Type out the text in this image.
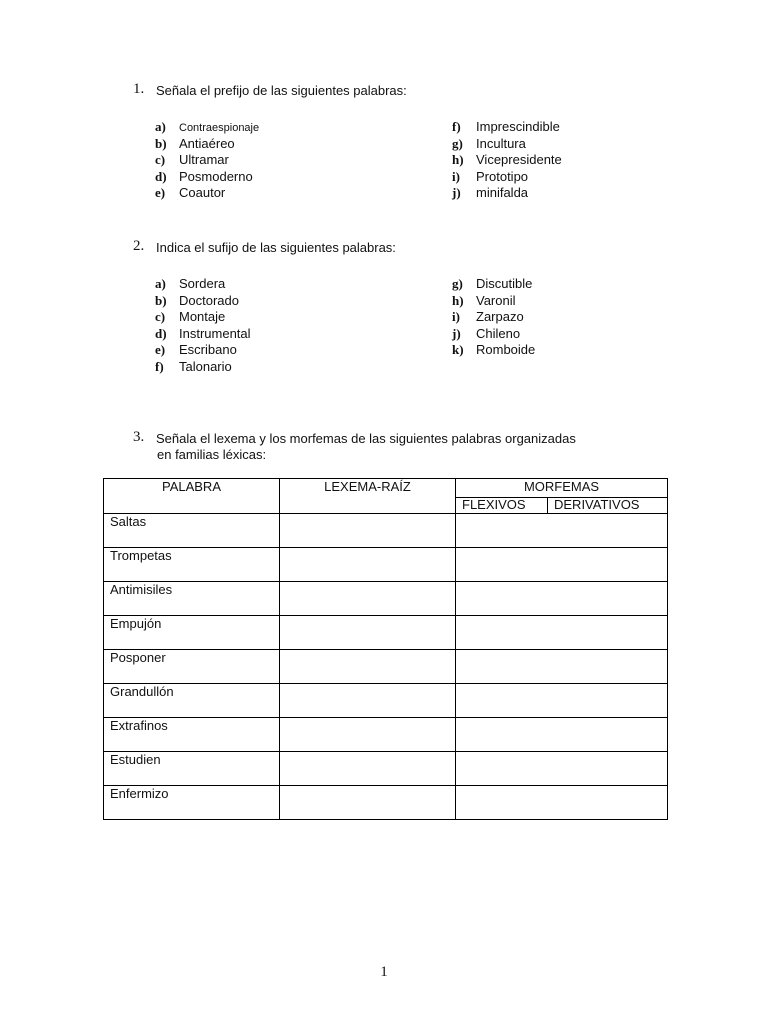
1. Señala el prefijo de las siguientes palabras:
a) Contraespionaje
b) Antiaéreo
c) Ultramar
d) Posmoderno
e) Coautor
f) Imprescindible
g) Incultura
h) Vicepresidente
i) Prototipo
j) minifalda
2. Indica el sufijo de las siguientes palabras:
a) Sordera
b) Doctorado
c) Montaje
d) Instrumental
e) Escribano
f) Talonario
g) Discutible
h) Varonil
i) Zarpazo
j) Chileno
k) Romboide
3. Señala el lexema y los morfemas de las siguientes palabras organizadas
en familias léxicas:
PALABRA	LEXEMA-RAÍZ	MORFEMAS	
		FLEXIVOS	DERIVATIVOS
Saltas			
Trompetas			
Antimisiles			
Empujón			
Posponer			
Grandullón			
Extrafinos			
Estudien			
Enfermizo			
1
